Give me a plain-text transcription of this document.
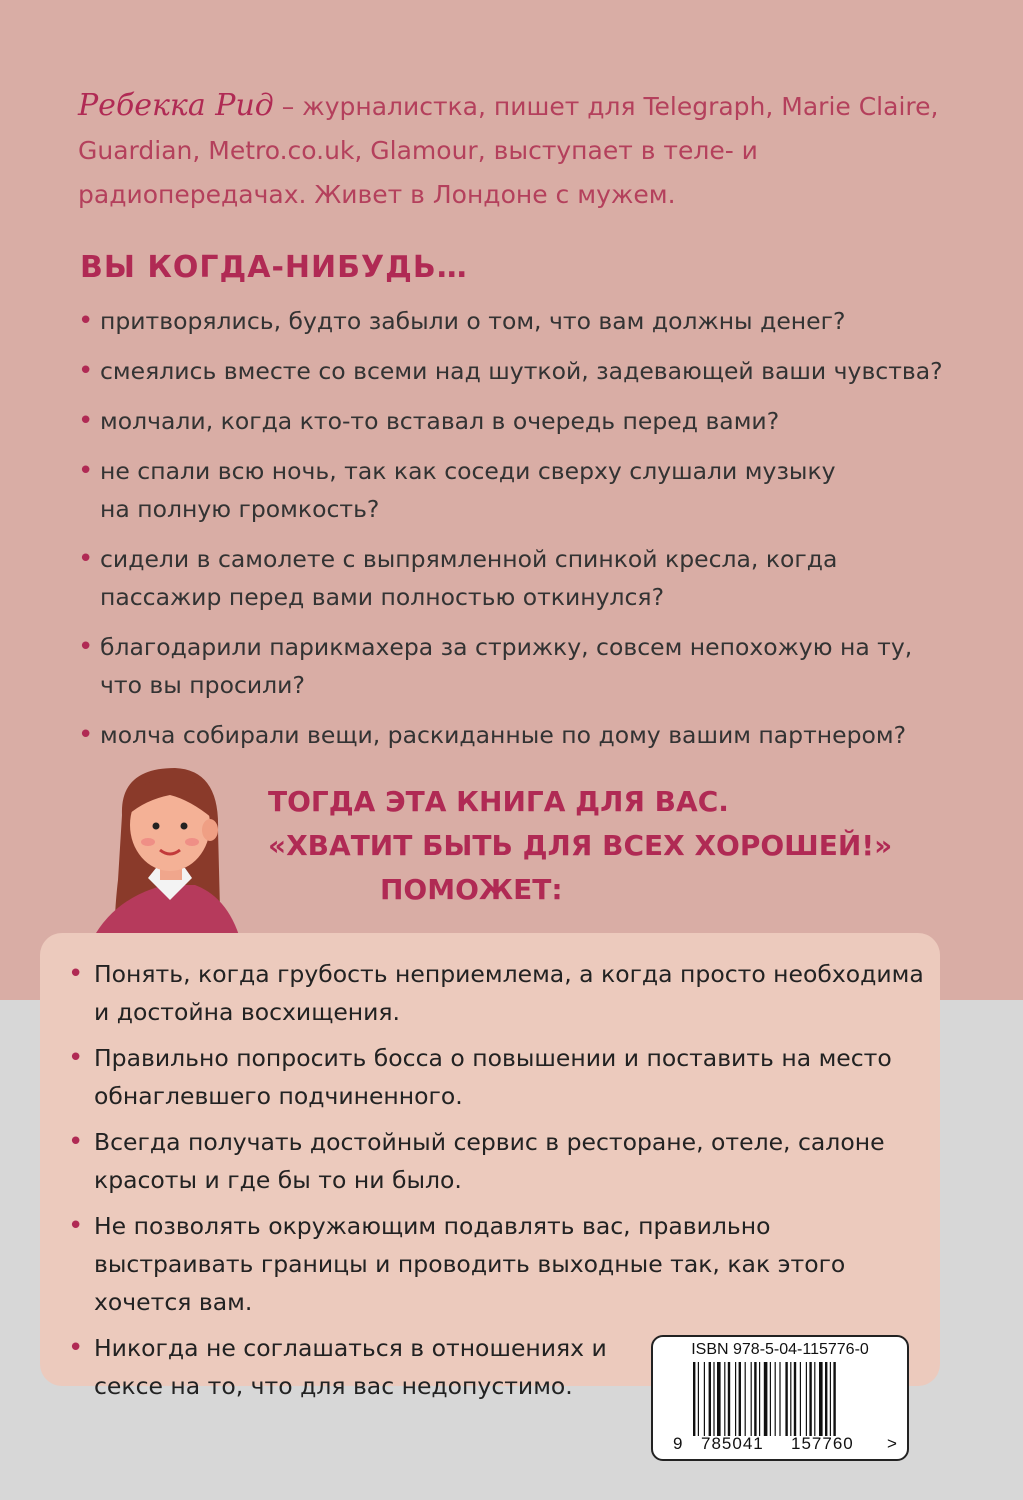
Ребекка Рид – журналистка, пишет для Telegraph, Marie Claire, Guardian, Metro.co.uk, Glamour, выступает в теле- и радиопередачах. Живет в Лондоне с мужем.
ВЫ КОГДА-НИБУДЬ…
• притворялись, будто забыли о том, что вам должны денег?
• смеялись вместе со всеми над шуткой, задевающей ваши чувства?
• молчали, когда кто-то вставал в очередь перед вами?
• не спали всю ночь, так как соседи сверху слушали музыку на полную громкость?
• сидели в самолете с выпрямленной спинкой кресла, когда пассажир перед вами полностью откинулся?
• благодарили парикмахера за стрижку, совсем непохожую на ту, что вы просили?
• молча собирали вещи, раскиданные по дому вашим партнером?
ТОГДА ЭТА КНИГА ДЛЯ ВАС.
«ХВАТИТ БЫТЬ ДЛЯ ВСЕХ ХОРОШЕЙ!»
ПОМОЖЕТ:
• Понять, когда грубость неприемлема, а когда просто необходима и достойна восхищения.
• Правильно попросить босса о повышении и поставить на место обнаглевшего подчиненного.
• Всегда получать достойный сервис в ресторане, отеле, салоне красоты и где бы то ни было.
• Не позволять окружающим подавлять вас, правильно выстраивать границы и проводить выходные так, как этого хочется вам.
• Никогда не соглашаться в отношениях и сексе на то, что для вас недопустимо.
ISBN 978-5-04-115776-0
9 785041 157760 >
